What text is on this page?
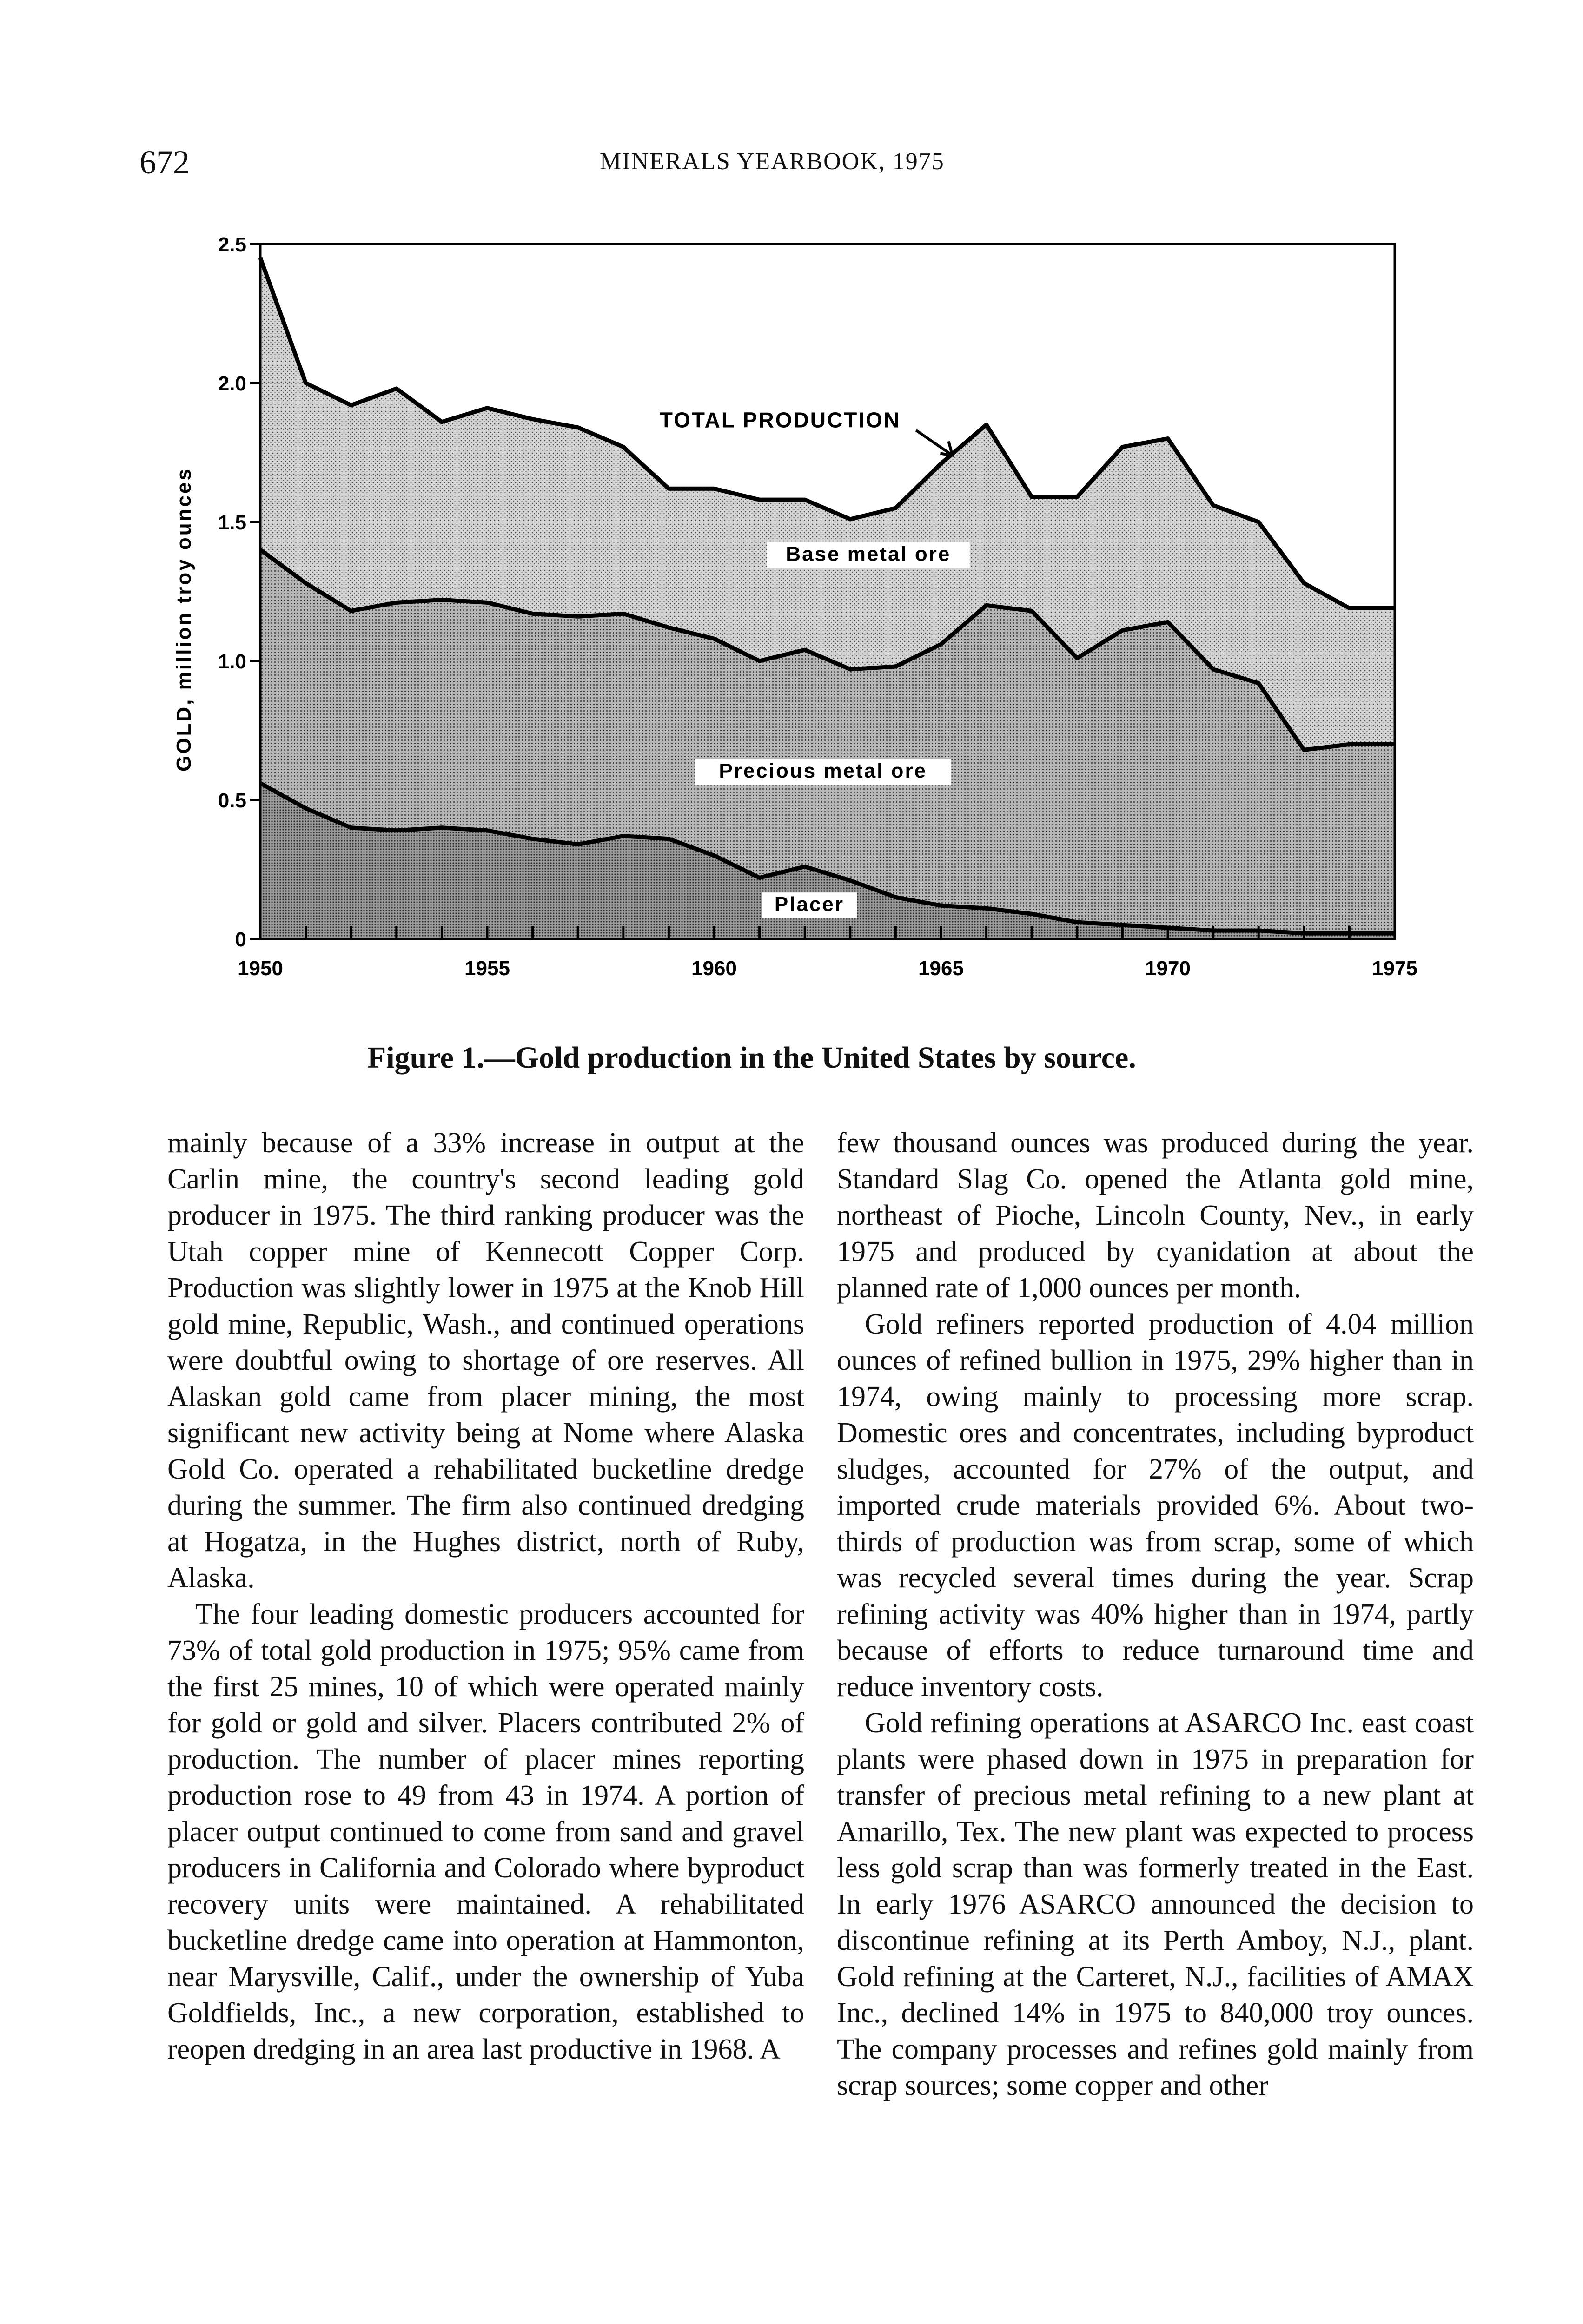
672	MINERALS YEARBOOK, 1975
0
0.5
1.0
1.5
2.0
2.5
1950	1955	1960	1965	1970	1975
GOLD, million troy ounces	Base metal ore
Precious metal ore
Placer
TOTAL PRODUCTION
Figure 1.—Gold production in the United States by source.

mainly because of a 33% increase in output at the Carlin mine, the country's second leading gold producer in 1975. The third ranking producer was the Utah copper mine of Kennecott Copper Corp. Production was slightly lower in 1975 at the Knob Hill gold mine, Republic, Wash., and continued operations were doubtful owing to shortage of ore reserves. All Alaskan gold came from placer mining, the most significant new activity being at Nome where Alaska Gold Co. operated a rehabilitated bucketline dredge during the summer. The firm also continued dredging at Hogatza, in the Hughes district, north of Ruby, Alaska.

The four leading domestic producers accounted for 73% of total gold production in 1975; 95% came from the first 25 mines, 10 of which were operated mainly for gold or gold and silver. Placers contributed 2% of production. The number of placer mines reporting production rose to 49 from 43 in 1974. A portion of placer output continued to come from sand and gravel producers in California and Colorado where byproduct recovery units were maintained. A rehabilitated bucketline dredge came into operation at Hammonton, near Marysville, Calif., under the ownership of Yuba Goldfields, Inc., a new corporation, established to reopen dredging in an area last productive in 1968. A

few thousand ounces was produced during the year. Standard Slag Co. opened the Atlanta gold mine, northeast of Pioche, Lincoln County, Nev., in early 1975 and produced by cyanidation at about the planned rate of 1,000 ounces per month.

Gold refiners reported production of 4.04 million ounces of refined bullion in 1975, 29% higher than in 1974, owing mainly to processing more scrap. Domestic ores and concentrates, including byproduct sludges, accounted for 27% of the output, and imported crude materials provided 6%. About two-thirds of production was from scrap, some of which was recycled several times during the year. Scrap refining activity was 40% higher than in 1974, partly because of efforts to reduce turnaround time and reduce inventory costs.

Gold refining operations at ASARCO Inc. east coast plants were phased down in 1975 in preparation for transfer of precious metal refining to a new plant at Amarillo, Tex. The new plant was expected to process less gold scrap than was formerly treated in the East. In early 1976 ASARCO announced the decision to discontinue refining at its Perth Amboy, N.J., plant. Gold refining at the Carteret, N.J., facilities of AMAX Inc., declined 14% in 1975 to 840,000 troy ounces. The company processes and refines gold mainly from scrap sources; some copper and other
